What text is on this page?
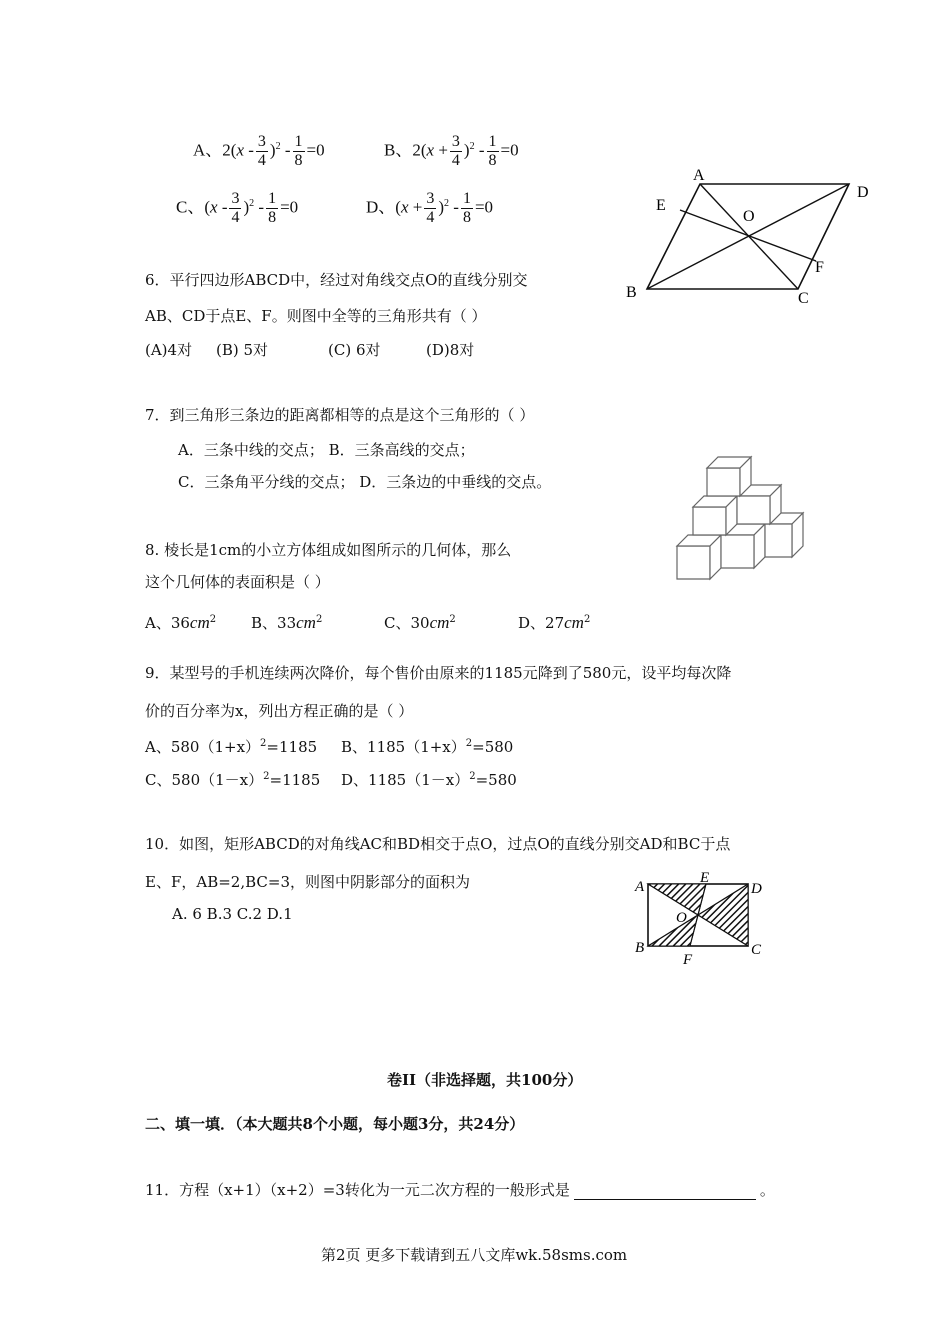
A、$2(x - \frac{3}{4} )^2 - \frac{1}{8} =0$	B、$2(x + \frac{3}{4} )^2 - \frac{1}{8} =0$
C、$(x - \frac{3}{4} )^2 - \frac{1}{8} =0$	D、$(x + \frac{3}{4} )^2 - \frac{1}{8} =0$
A
D
E
O
F
B	C
6．平行四边形ABCD中，经过对角线交点O的直线分别交
AB、CD于点E、F。则图中全等的三角形共有（ ）
(A)4对 (B) 5对	(C) 6对	(D)8对
7．到三角形三条边的距离都相等的点是这个三角形的（ ）
A．三条中线的交点； B．三条高线的交点；
C．三条角平分线的交点； D．三条边的中垂线的交点。
8. 棱长是1cm的小立方体组成如图所示的几何体，那么
这个几何体的表面积是（ ）
A、$36cm^2$ B、$33cm^2$	C、$30cm^2$	D、$27cm^2$
9．某型号的手机连续两次降价，每个售价由原来的1185元降到了580元，设平均每次降
价的百分率为x，列出方程正确的是（ ）
A、$580(1+x)^2=1185$ B、$1185(1+x)^2=580$
C、$580(1-x)^2=1185$ D、$1185(1-x)^2=580$
10．如图，矩形ABCD的对角线AC和BD相交于点O，过点O的直线分别交AD和BC于点
E、F，AB=2,BC=3，则图中阴影部分的面积为
A. 6 B.3 C.2 D.1
A
E
D
O
B	C
F
卷II（非选择题，共100分）
二、填一填．（本大题共8个小题，每小题3分，共24分）
11．方程（x+1）（x+2）=3转化为一元二次方程的一般形式是	。
第2页 更多下载请到五八文库wk.58sms.com
